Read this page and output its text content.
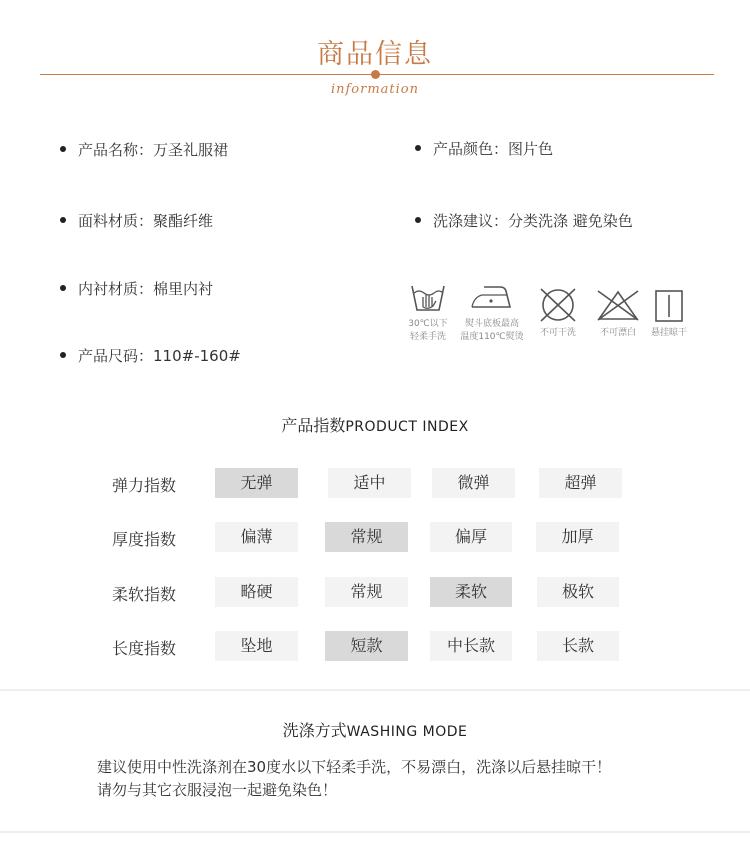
商品信息
information
产品名称：万圣礼服裙
面料材质：聚酯纤维
内衬材质：棉里内衬
产品尺码：110#-160#
产品颜色：图片色
洗涤建议：分类洗涤 避免染色
30℃以下
轻柔手洗
熨斗底板最高
温度110℃熨烫	不可干洗	不可漂白	悬挂晾干
产品指数PRODUCT INDEX
弹力指数	无弹	适中	微弹	超弹
厚度指数	偏薄	常规	偏厚	加厚
柔软指数	略硬	常规	柔软	极软
长度指数	坠地	短款	中长款	长款
洗涤方式WASHING MODE
建议使用中性洗涤剂在30度水以下轻柔手洗，不易漂白，洗涤以后悬挂晾干！
请勿与其它衣服浸泡一起避免染色！
